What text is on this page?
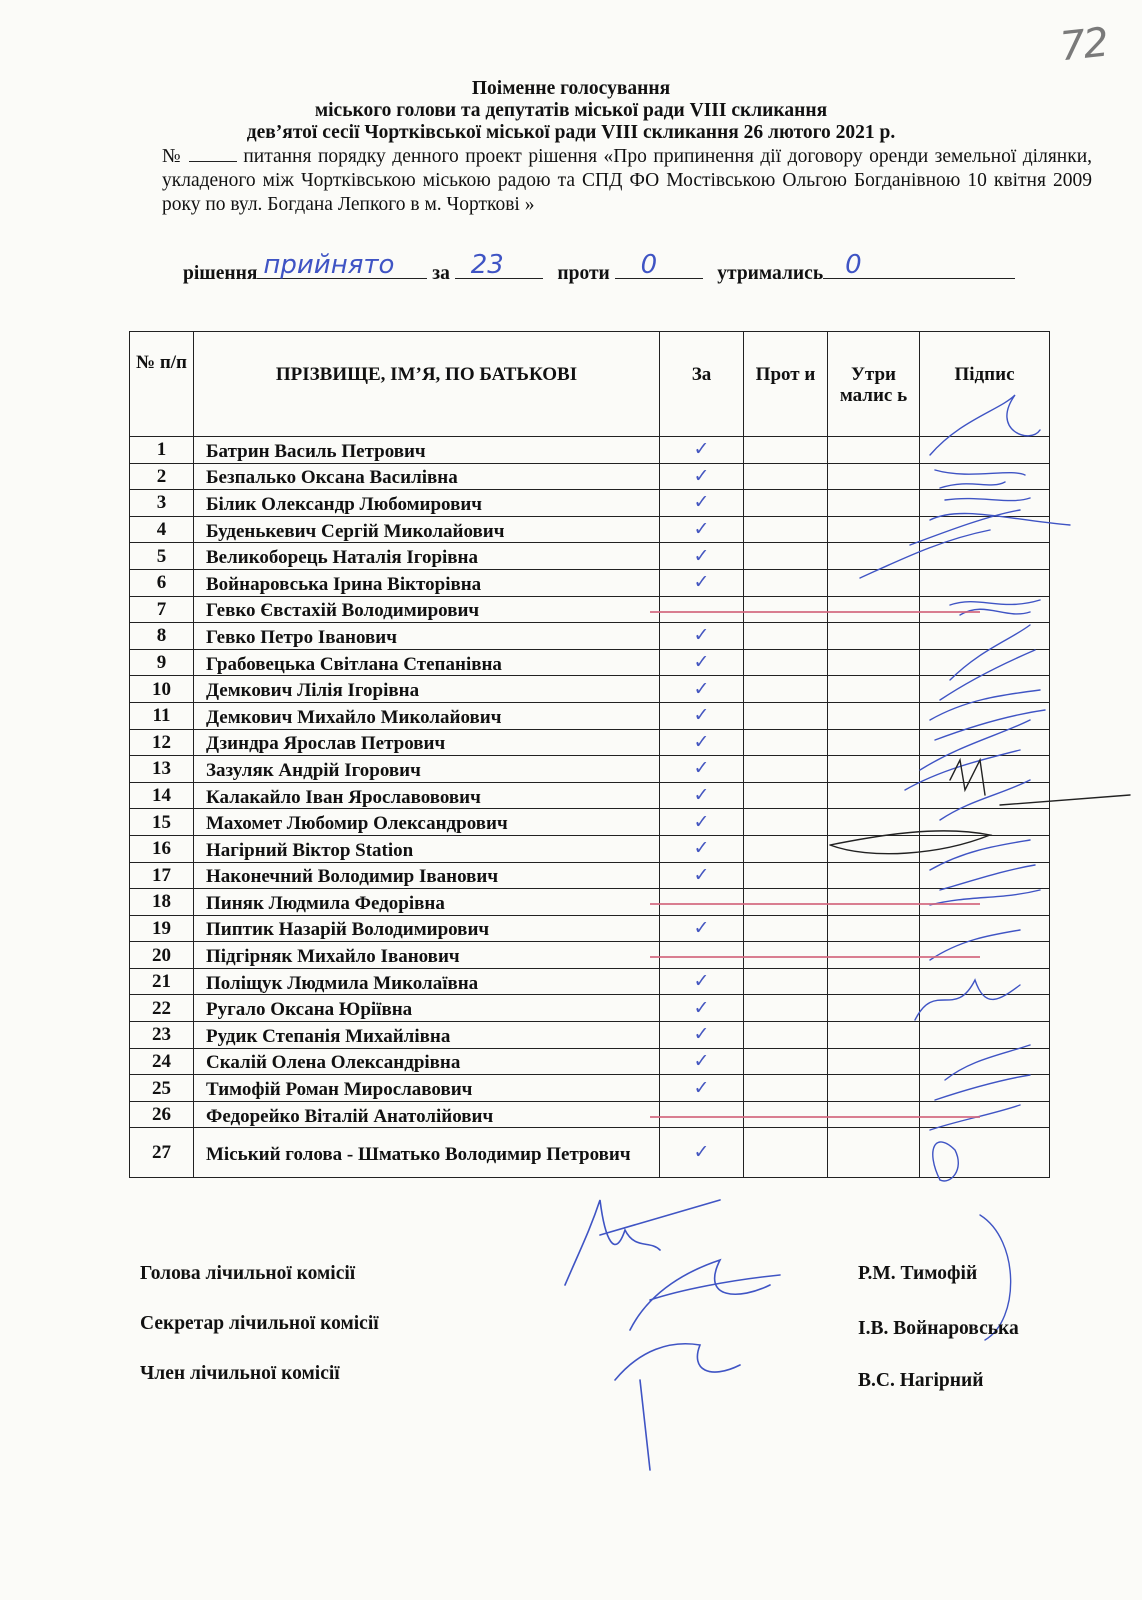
72
Поіменне голосування
міського голови та депутатів міської ради VIII скликання
дев’ятої сесії Чортківської міської ради VIII скликання 26 лютого 2021 р.
№	питання порядку денного проект рішення «Про припинення дії договору оренди земельної ділянки, укладеного між Чортківською міською радою та СПД ФО Мостівською Ольгою Богданівною 10 квітня 2009 року по вул. Богдана Лепкого в м. Чорткові »
рішення прийнято за 23	проти 0	утримались 0
№ п/п	ПРІЗВИЩЕ, ІМ’Я, ПО БАТЬКОВІ	За	Прот и	Утри малис ь	Підпис
1	Батрин Василь Петрович	✓			
2	Безпалько Оксана Василівна	✓			
3	Білик Олександр Любомирович	✓			
4	Буденькевич Сергій Миколайович	✓			
5	Великоборець Наталія Ігорівна	✓			
6	Войнаровська Ірина Вікторівна	✓			
7	Гевко Євстахій Володимирович				
8	Гевко Петро Іванович	✓			
9	Грабовецька Світлана Степанівна	✓			
10	Демкович Лілія Ігорівна	✓			
11	Демкович Михайло Миколайович	✓			
12	Дзиндра Ярослав Петрович	✓			
13	Зазуляк Андрій Ігорович	✓			
14	Калакайло Іван Ярославовович	✓			
15	Махомет Любомир Олександрович	✓			
16	Нагірний Віктор Station	✓			
17	Наконечний Володимир Іванович	✓			
18	Пиняк Людмила Федорівна				
19	Пиптик Назарій Володимирович	✓			
20	Підгірняк Михайло Іванович				
21	Поліщук Людмила Миколаївна	✓			
22	Ругало Оксана Юріївна	✓			
23	Рудик Степанія Михайлівна	✓			
24	Скалій Олена Олександрівна	✓			
25	Тимофій Роман Мирославович	✓			
26	Федорейко Віталій Анатолійович				
27	Міський голова - Шматько Володимир Петрович	✓			
Голова лічильної комісії	Р.М. Тимофій
Секретар лічильної комісії	І.В. Войнаровська
Член лічильної комісії	В.С. Нагірний
